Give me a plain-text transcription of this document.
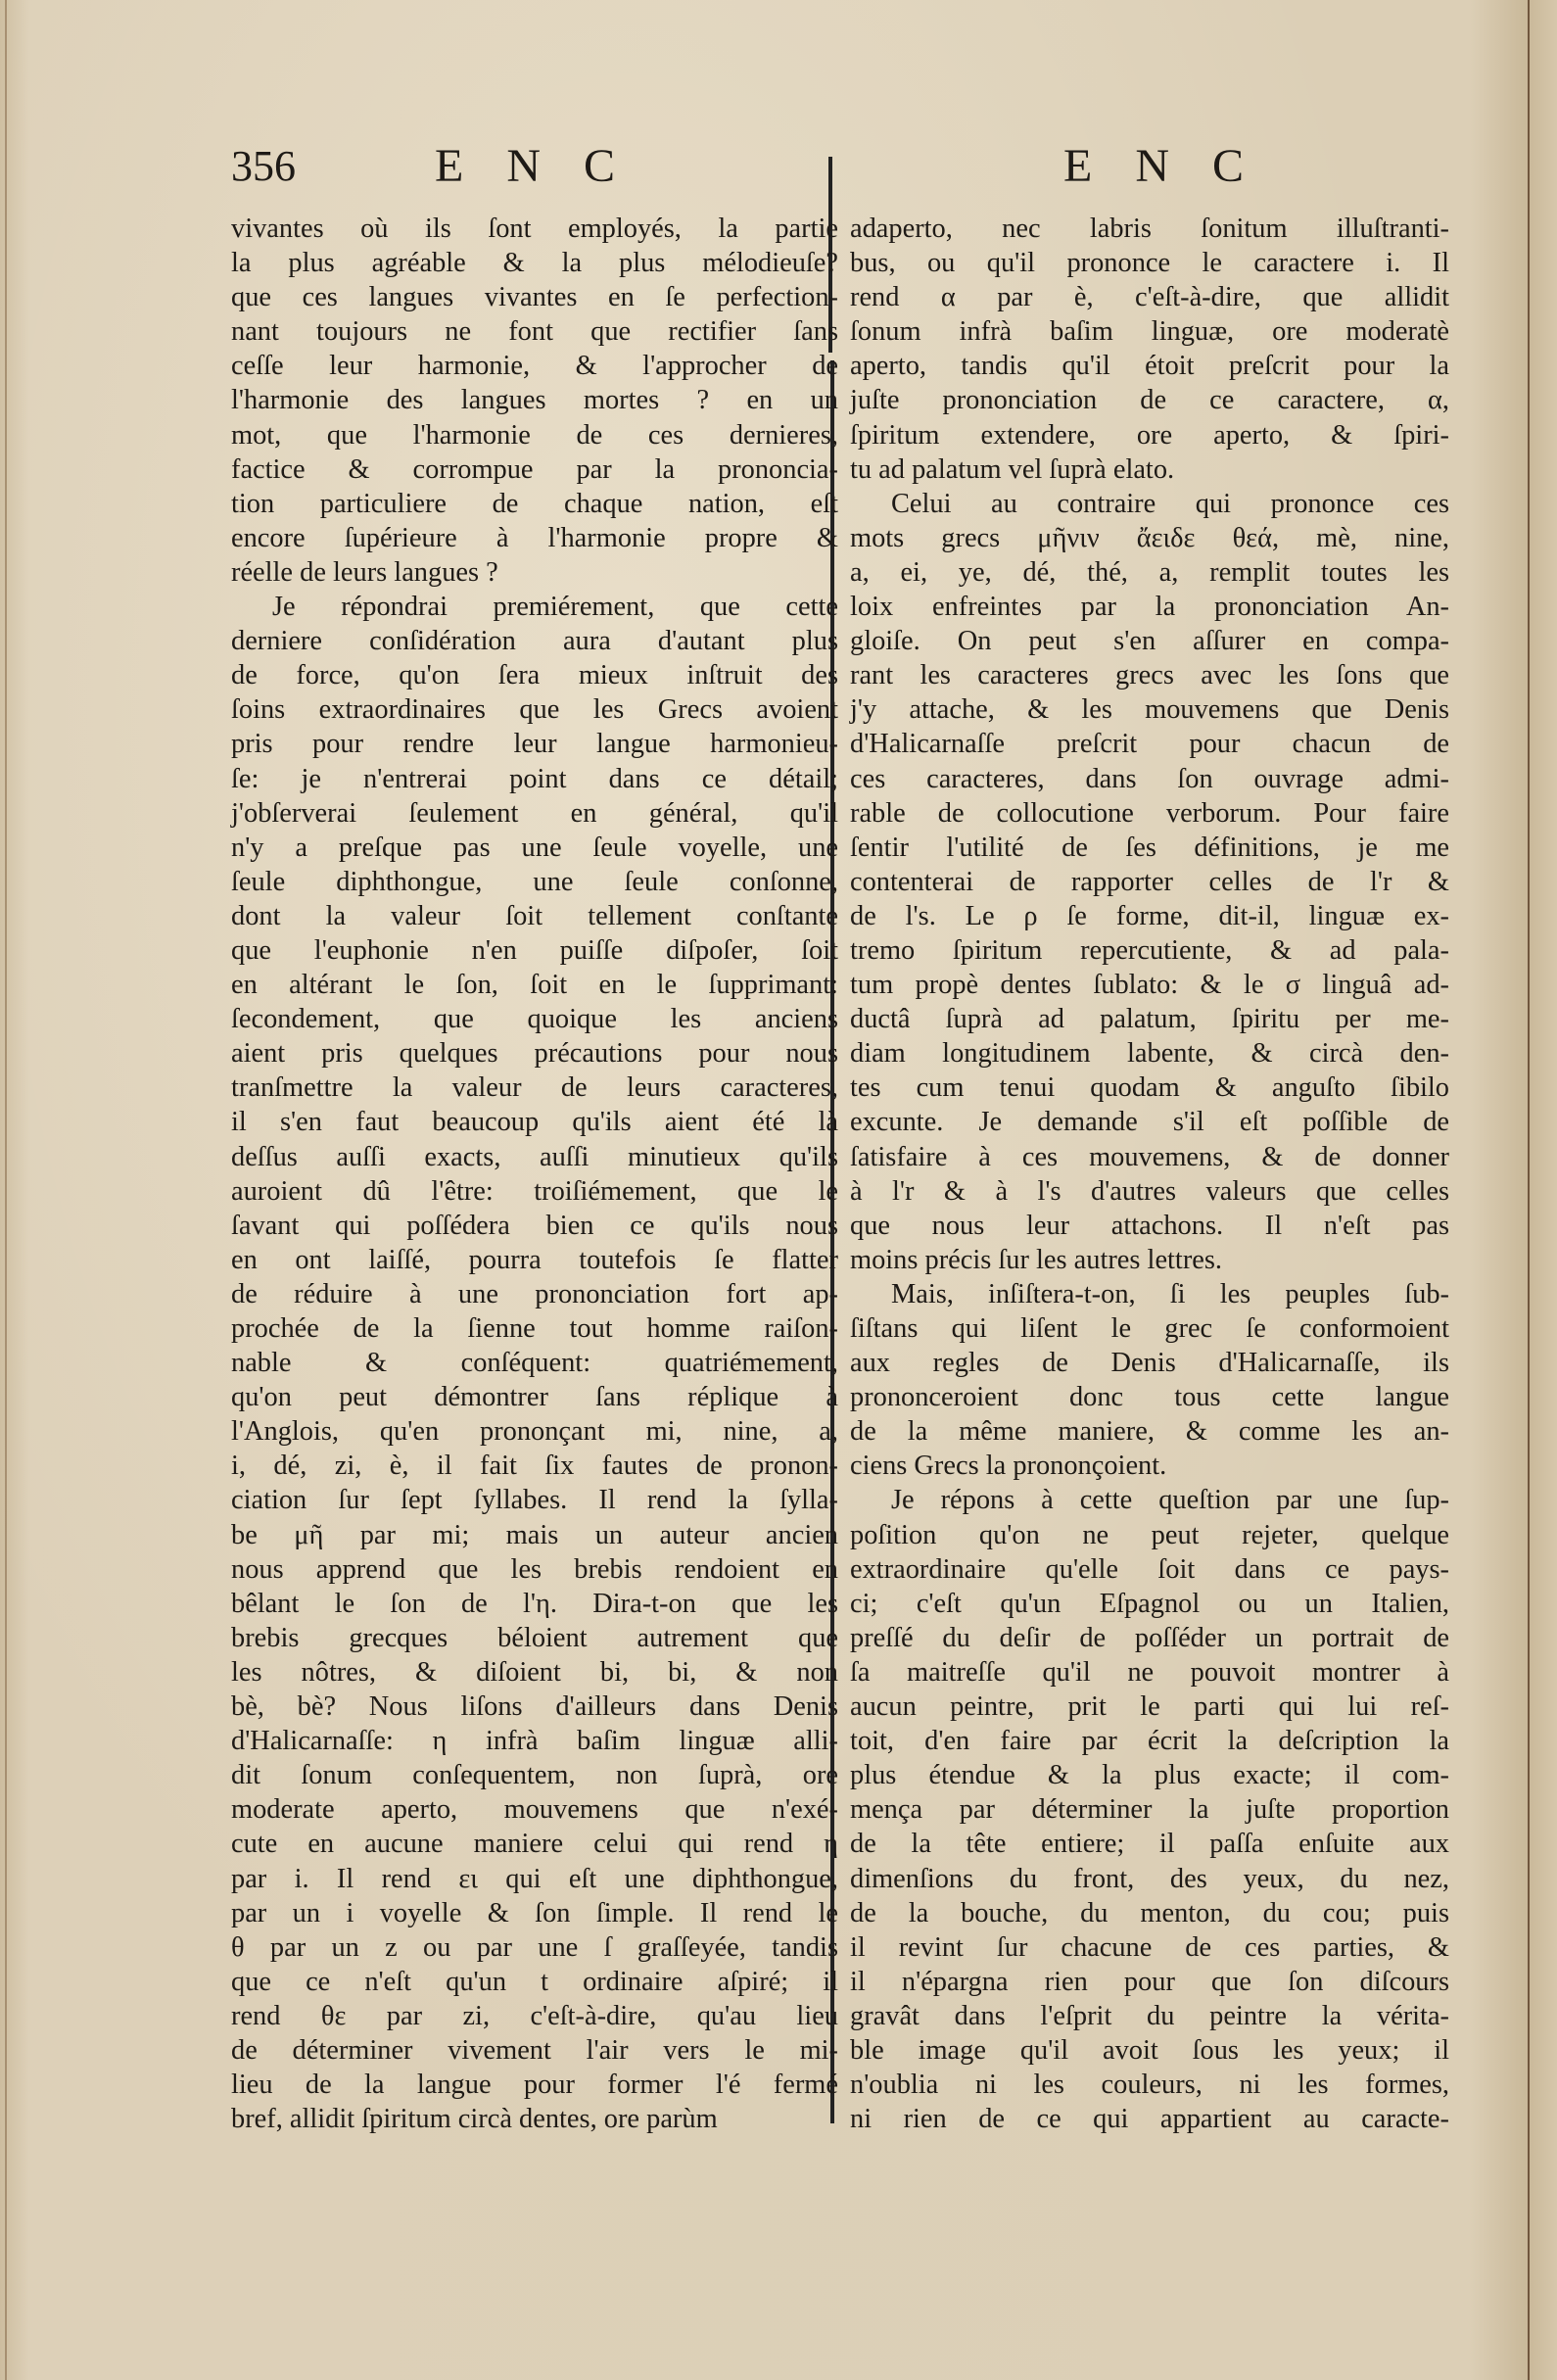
356	E N C	E N C
vivantes où ils ſont employés, la partie
la plus agréable & la plus mélodieuſe?
que ces langues vivantes en ſe perfection-
nant toujours ne font que rectifier ſans
ceſſe leur harmonie, & l'approcher de
l'harmonie des langues mortes ? en un
mot, que l'harmonie de ces dernieres,
factice & corrompue par la prononcia-
tion particuliere de chaque nation, eſt
encore ſupérieure à l'harmonie propre &
réelle de leurs langues ?
Je répondrai premiérement, que cette
derniere conſidération aura d'autant plus
de force, qu'on ſera mieux inſtruit des
ſoins extraordinaires que les Grecs avoient
pris pour rendre leur langue harmonieu-
ſe: je n'entrerai point dans ce détail;
j'obſerverai ſeulement en général, qu'il
n'y a preſque pas une ſeule voyelle, une
ſeule diphthongue, une ſeule conſonne,
dont la valeur ſoit tellement conſtante
que l'euphonie n'en puiſſe diſpoſer, ſoit
en altérant le ſon, ſoit en le ſupprimant:
ſecondement, que quoique les anciens
aient pris quelques précautions pour nous
tranſmettre la valeur de leurs caracteres,
il s'en faut beaucoup qu'ils aient été là
deſſus auſſi exacts, auſſi minutieux qu'ils
auroient dû l'être: troiſiémement, que le
ſavant qui poſſédera bien ce qu'ils nous
en ont laiſſé, pourra toutefois ſe flatter
de réduire à une prononciation fort ap-
prochée de la ſienne tout homme raiſon-
nable & conſéquent: quatriémement,
qu'on peut démontrer ſans réplique à
l'Anglois, qu'en prononçant mi, nine, a,
i, dé, zi, è, il fait ſix fautes de pronon-
ciation ſur ſept ſyllabes. Il rend la ſylla-
be μῆ par mi; mais un auteur ancien
nous apprend que les brebis rendoient en
bêlant le ſon de l'η. Dira-t-on que les
brebis grecques béloient autrement que
les nôtres, & diſoient bi, bi, & non
bè, bè? Nous liſons d'ailleurs dans Denis
d'Halicarnaſſe: η infrà baſim linguæ alli-
dit ſonum conſequentem, non ſuprà, ore
moderate aperto, mouvemens que n'exé-
cute en aucune maniere celui qui rend η
par i. Il rend ει qui eſt une diphthongue,
par un i voyelle & ſon ſimple. Il rend le
θ par un z ou par une ſ graſſeyée, tandis
que ce n'eſt qu'un t ordinaire aſpiré; il
rend θε par zi, c'eſt-à-dire, qu'au lieu
de déterminer vivement l'air vers le mi-
lieu de la langue pour former l'é fermé
bref, allidit ſpiritum circà dentes, ore parùm
adaperto, nec labris ſonitum illuſtranti-
bus, ou qu'il prononce le caractere i. Il
rend α par è, c'eſt-à-dire, que allidit
ſonum infrà baſim linguæ, ore moderatè
aperto, tandis qu'il étoit preſcrit pour la
juſte prononciation de ce caractere, α,
ſpiritum extendere, ore aperto, & ſpiri-
tu ad palatum vel ſuprà elato.
Celui au contraire qui prononce ces
mots grecs μῆνιν ἄειδε θεά, mè, nine,
a, ei, ye, dé, thé, a, remplit toutes les
loix enfreintes par la prononciation An-
gloiſe. On peut s'en aſſurer en compa-
rant les caracteres grecs avec les ſons que
j'y attache, & les mouvemens que Denis
d'Halicarnaſſe preſcrit pour chacun de
ces caracteres, dans ſon ouvrage admi-
rable de collocutione verborum. Pour faire
ſentir l'utilité de ſes définitions, je me
contenterai de rapporter celles de l'r &
de l's. Le ρ ſe forme, dit-il, linguæ ex-
tremo ſpiritum repercutiente, & ad pala-
tum propè dentes ſublato: & le σ linguâ ad-
ductâ ſuprà ad palatum, ſpiritu per me-
diam longitudinem labente, & circà den-
tes cum tenui quodam & anguſto ſibilo
excunte. Je demande s'il eſt poſſible de
ſatisfaire à ces mouvemens, & de donner
à l'r & à l's d'autres valeurs que celles
que nous leur attachons. Il n'eſt pas
moins précis ſur les autres lettres.
Mais, inſiſtera-t-on, ſi les peuples ſub-
ſiſtans qui liſent le grec ſe conformoient
aux regles de Denis d'Halicarnaſſe, ils
prononceroient donc tous cette langue
de la même maniere, & comme les an-
ciens Grecs la prononçoient.
Je répons à cette queſtion par une ſup-
poſition qu'on ne peut rejeter, quelque
extraordinaire qu'elle ſoit dans ce pays-
ci; c'eſt qu'un Eſpagnol ou un Italien,
preſſé du deſir de poſſéder un portrait de
ſa maitreſſe qu'il ne pouvoit montrer à
aucun peintre, prit le parti qui lui reſ-
toit, d'en faire par écrit la deſcription la
plus étendue & la plus exacte; il com-
mença par déterminer la juſte proportion
de la tête entiere; il paſſa enſuite aux
dimenſions du front, des yeux, du nez,
de la bouche, du menton, du cou; puis
il revint ſur chacune de ces parties, &
il n'épargna rien pour que ſon diſcours
gravât dans l'eſprit du peintre la vérita-
ble image qu'il avoit ſous les yeux; il
n'oublia ni les couleurs, ni les formes,
ni rien de ce qui appartient au caracte-
